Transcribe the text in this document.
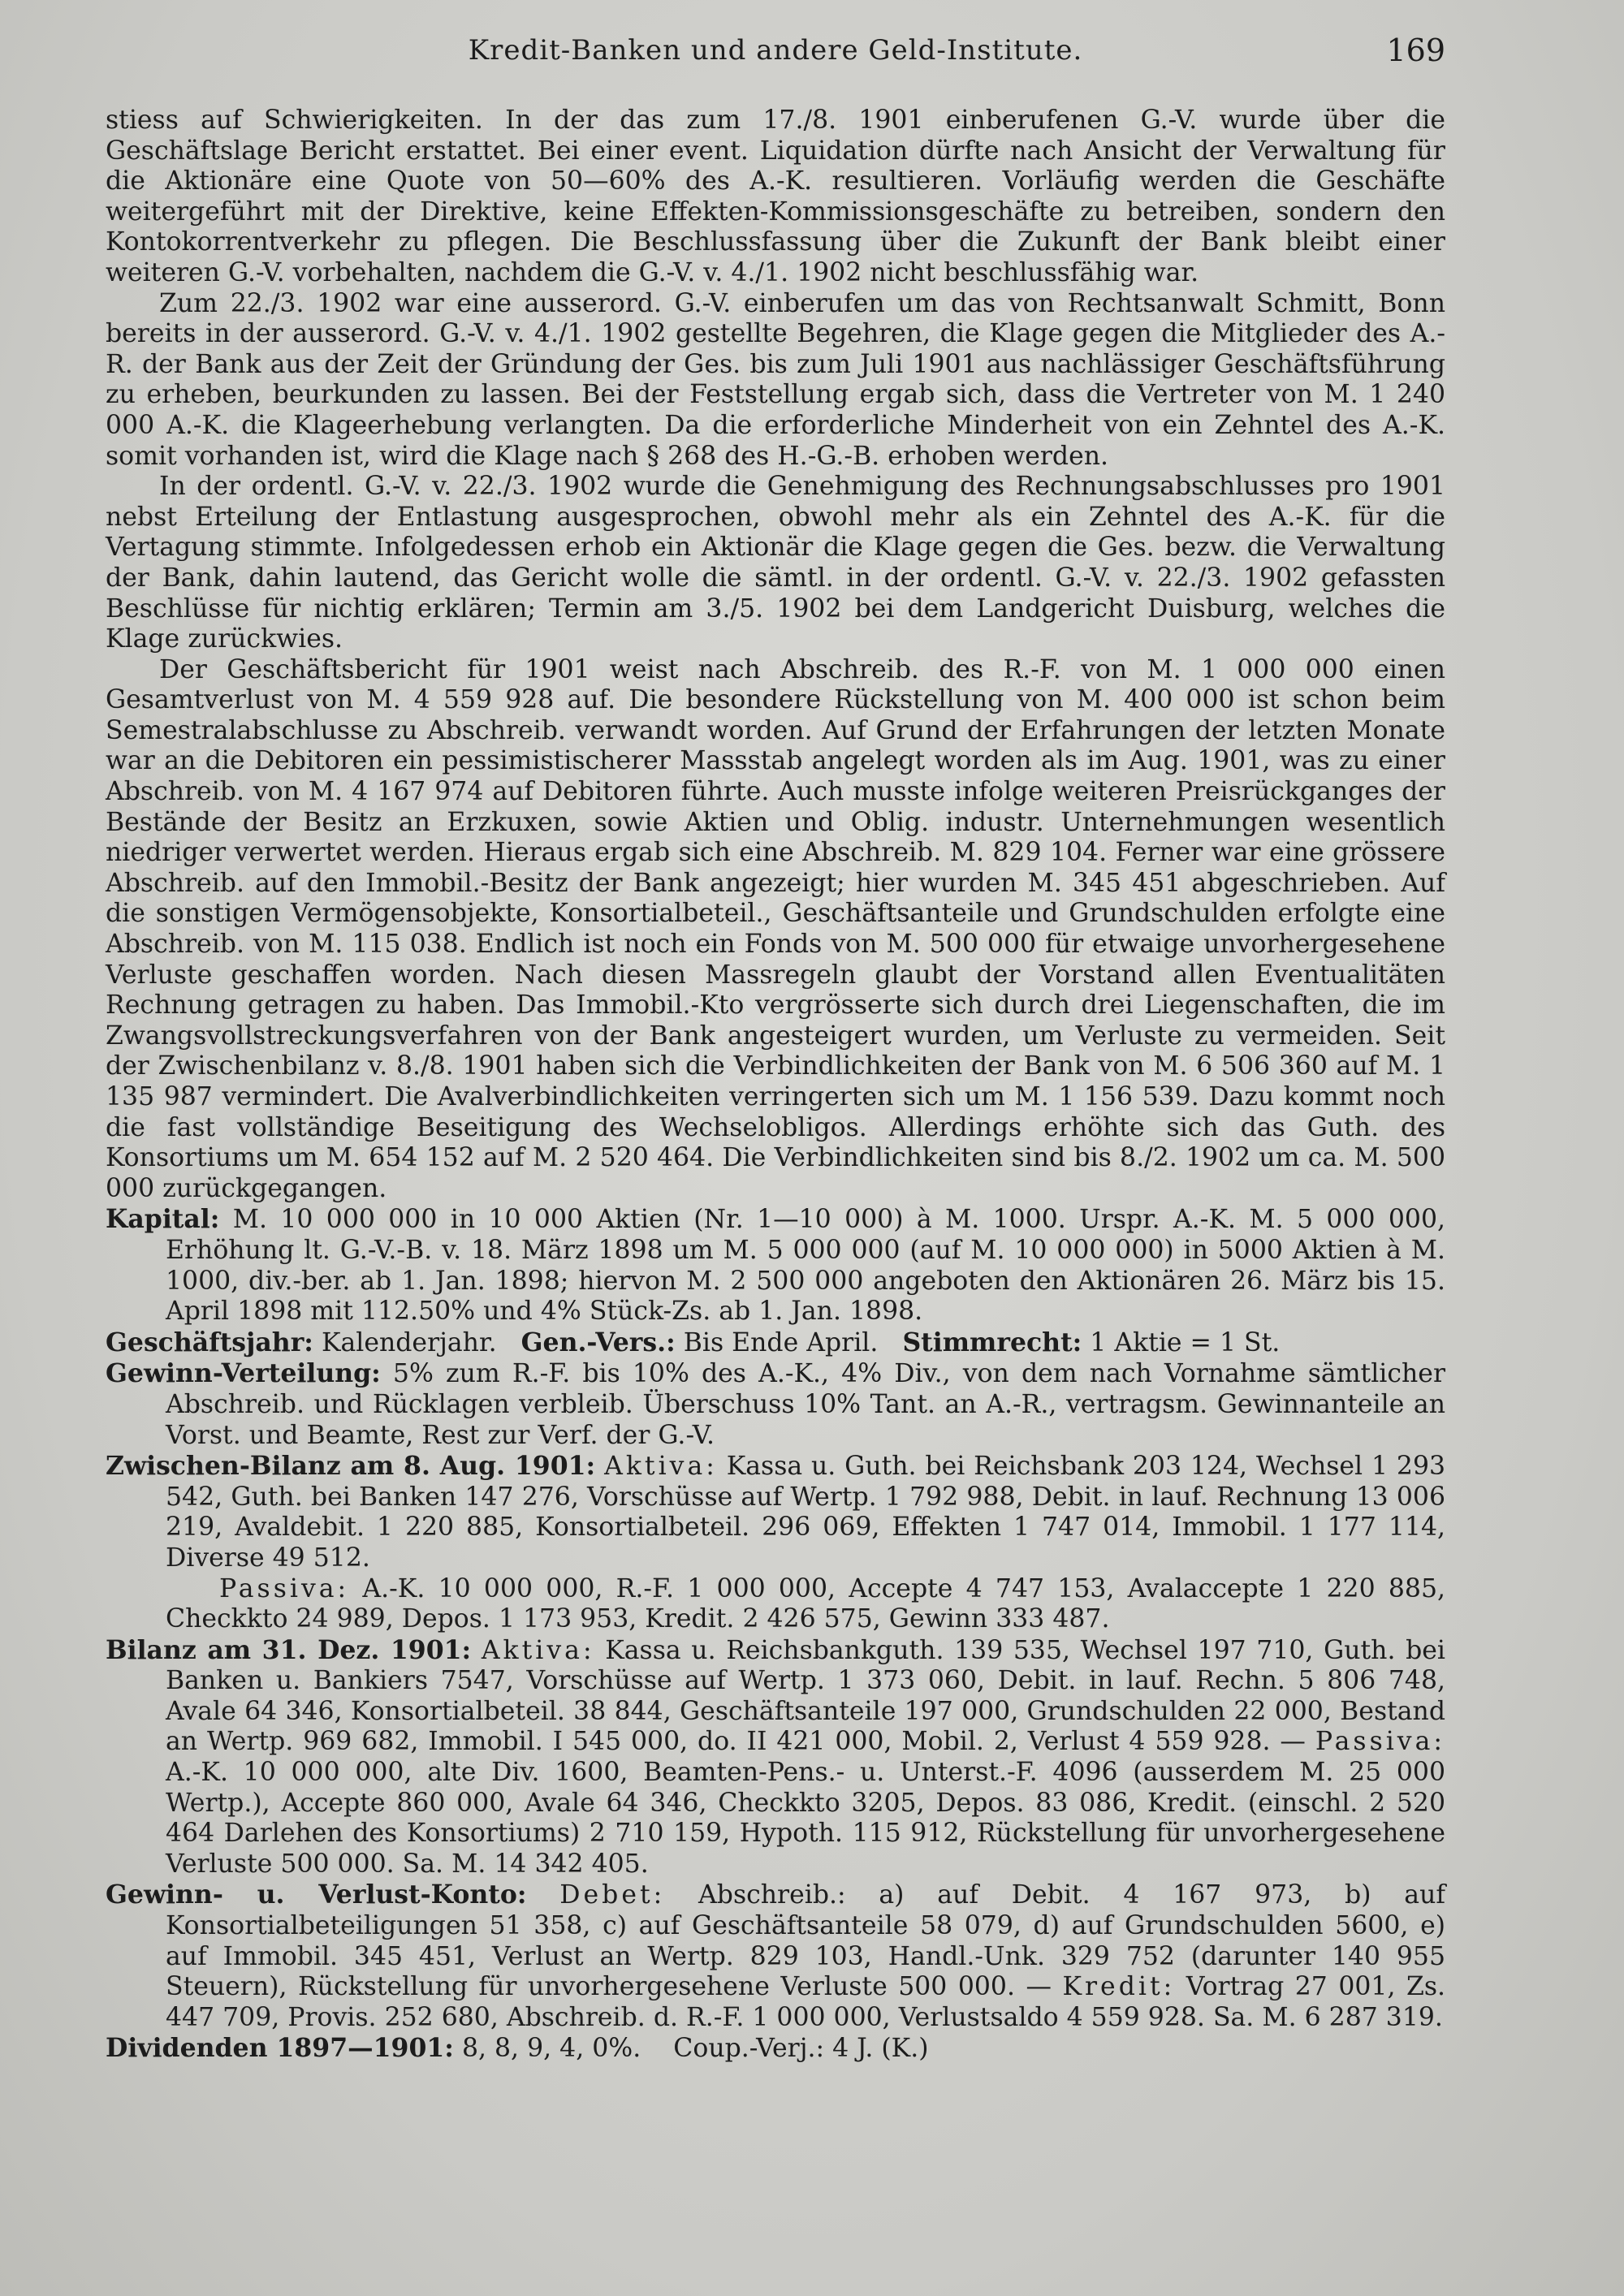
Kredit-Banken und andere Geld-Institute.	169

stiess auf Schwierigkeiten. In der das zum 17./8. 1901 einberufenen G.-V. wurde über die Geschäftslage Bericht erstattet. Bei einer event. Liquidation dürfte nach Ansicht der Verwaltung für die Aktionäre eine Quote von 50—60% des A.-K. resultieren. Vorläufig werden die Geschäfte weitergeführt mit der Direktive, keine Effekten-Kommissionsgeschäfte zu betreiben, sondern den Kontokorrentverkehr zu pflegen. Die Beschlussfassung über die Zukunft der Bank bleibt einer weiteren G.-V. vorbehalten, nachdem die G.-V. v. 4./1. 1902 nicht beschlussfähig war.

Zum 22./3. 1902 war eine ausserord. G.-V. einberufen um das von Rechtsanwalt Schmitt, Bonn bereits in der ausserord. G.-V. v. 4./1. 1902 gestellte Begehren, die Klage gegen die Mitglieder des A.-R. der Bank aus der Zeit der Gründung der Ges. bis zum Juli 1901 aus nachlässiger Geschäftsführung zu erheben, beurkunden zu lassen. Bei der Feststellung ergab sich, dass die Vertreter von M. 1 240 000 A.-K. die Klageerhebung verlangten. Da die erforderliche Minderheit von ein Zehntel des A.-K. somit vorhanden ist, wird die Klage nach § 268 des H.-G.-B. erhoben werden.

In der ordentl. G.-V. v. 22./3. 1902 wurde die Genehmigung des Rechnungsabschlusses pro 1901 nebst Erteilung der Entlastung ausgesprochen, obwohl mehr als ein Zehntel des A.-K. für die Vertagung stimmte. Infolgedessen erhob ein Aktionär die Klage gegen die Ges. bezw. die Verwaltung der Bank, dahin lautend, das Gericht wolle die sämtl. in der ordentl. G.-V. v. 22./3. 1902 gefassten Beschlüsse für nichtig erklären; Termin am 3./5. 1902 bei dem Landgericht Duisburg, welches die Klage zurückwies.

Der Geschäftsbericht für 1901 weist nach Abschreib. des R.-F. von M. 1 000 000 einen Gesamtverlust von M. 4 559 928 auf. Die besondere Rückstellung von M. 400 000 ist schon beim Semestralabschlusse zu Abschreib. verwandt worden. Auf Grund der Erfahrungen der letzten Monate war an die Debitoren ein pessimistischerer Massstab angelegt worden als im Aug. 1901, was zu einer Abschreib. von M. 4 167 974 auf Debitoren führte. Auch musste infolge weiteren Preisrückganges der Bestände der Besitz an Erzkuxen, sowie Aktien und Oblig. industr. Unternehmungen wesentlich niedriger verwertet werden. Hieraus ergab sich eine Abschreib. M. 829 104. Ferner war eine grössere Abschreib. auf den Immobil.-Besitz der Bank angezeigt; hier wurden M. 345 451 abgeschrieben. Auf die sonstigen Vermögensobjekte, Konsortialbeteil., Geschäftsanteile und Grundschulden erfolgte eine Abschreib. von M. 115 038. Endlich ist noch ein Fonds von M. 500 000 für etwaige unvorhergesehene Verluste geschaffen worden. Nach diesen Massregeln glaubt der Vorstand allen Eventualitäten Rechnung getragen zu haben. Das Immobil.-Kto vergrösserte sich durch drei Liegenschaften, die im Zwangsvollstreckungsverfahren von der Bank angesteigert wurden, um Verluste zu vermeiden. Seit der Zwischenbilanz v. 8./8. 1901 haben sich die Verbindlichkeiten der Bank von M. 6 506 360 auf M. 1 135 987 vermindert. Die Avalverbindlichkeiten verringerten sich um M. 1 156 539. Dazu kommt noch die fast vollständige Beseitigung des Wechselobligos. Allerdings erhöhte sich das Guth. des Konsortiums um M. 654 152 auf M. 2 520 464. Die Verbindlichkeiten sind bis 8./2. 1902 um ca. M. 500 000 zurückgegangen.

Kapital: M. 10 000 000 in 10 000 Aktien (Nr. 1—10 000) à M. 1000. Urspr. A.-K. M. 5 000 000, Erhöhung lt. G.-V.-B. v. 18. März 1898 um M. 5 000 000 (auf M. 10 000 000) in 5000 Aktien à M. 1000, div.-ber. ab 1. Jan. 1898; hiervon M. 2 500 000 angeboten den Aktionären 26. März bis 15. April 1898 mit 112.50% und 4% Stück-Zs. ab 1. Jan. 1898.

Geschäftsjahr: Kalenderjahr. Gen.-Vers.: Bis Ende April. Stimmrecht: 1 Aktie = 1 St.

Gewinn-Verteilung: 5% zum R.-F. bis 10% des A.-K., 4% Div., von dem nach Vornahme sämtlicher Abschreib. und Rücklagen verbleib. Überschuss 10% Tant. an A.-R., vertragsm. Gewinnanteile an Vorst. und Beamte, Rest zur Verf. der G.-V.

Zwischen-Bilanz am 8. Aug. 1901: Aktiva: Kassa u. Guth. bei Reichsbank 203 124, Wechsel 1 293 542, Guth. bei Banken 147 276, Vorschüsse auf Wertp. 1 792 988, Debit. in lauf. Rechnung 13 006 219, Avaldebit. 1 220 885, Konsortialbeteil. 296 069, Effekten 1 747 014, Immobil. 1 177 114, Diverse 49 512.

Passiva: A.-K. 10 000 000, R.-F. 1 000 000, Accepte 4 747 153, Avalaccepte 1 220 885, Checkkto 24 989, Depos. 1 173 953, Kredit. 2 426 575, Gewinn 333 487.

Bilanz am 31. Dez. 1901: Aktiva: Kassa u. Reichsbankguth. 139 535, Wechsel 197 710, Guth. bei Banken u. Bankiers 7547, Vorschüsse auf Wertp. 1 373 060, Debit. in lauf. Rechn. 5 806 748, Avale 64 346, Konsortialbeteil. 38 844, Geschäftsanteile 197 000, Grundschulden 22 000, Bestand an Wertp. 969 682, Immobil. I 545 000, do. II 421 000, Mobil. 2, Verlust 4 559 928. — Passiva: A.-K. 10 000 000, alte Div. 1600, Beamten-Pens.- u. Unterst.-F. 4096 (ausserdem M. 25 000 Wertp.), Accepte 860 000, Avale 64 346, Checkkto 3205, Depos. 83 086, Kredit. (einschl. 2 520 464 Darlehen des Konsortiums) 2 710 159, Hypoth. 115 912, Rückstellung für unvorhergesehene Verluste 500 000. Sa. M. 14 342 405.

Gewinn- u. Verlust-Konto: Debet: Abschreib.: a) auf Debit. 4 167 973, b) auf Konsortialbeteiligungen 51 358, c) auf Geschäftsanteile 58 079, d) auf Grundschulden 5600, e) auf Immobil. 345 451, Verlust an Wertp. 829 103, Handl.-Unk. 329 752 (darunter 140 955 Steuern), Rückstellung für unvorhergesehene Verluste 500 000. — Kredit: Vortrag 27 001, Zs. 447 709, Provis. 252 680, Abschreib. d. R.-F. 1 000 000, Verlustsaldo 4 559 928. Sa. M. 6 287 319.

Dividenden 1897—1901: 8, 8, 9, 4, 0%. Coup.-Verj.: 4 J. (K.)
